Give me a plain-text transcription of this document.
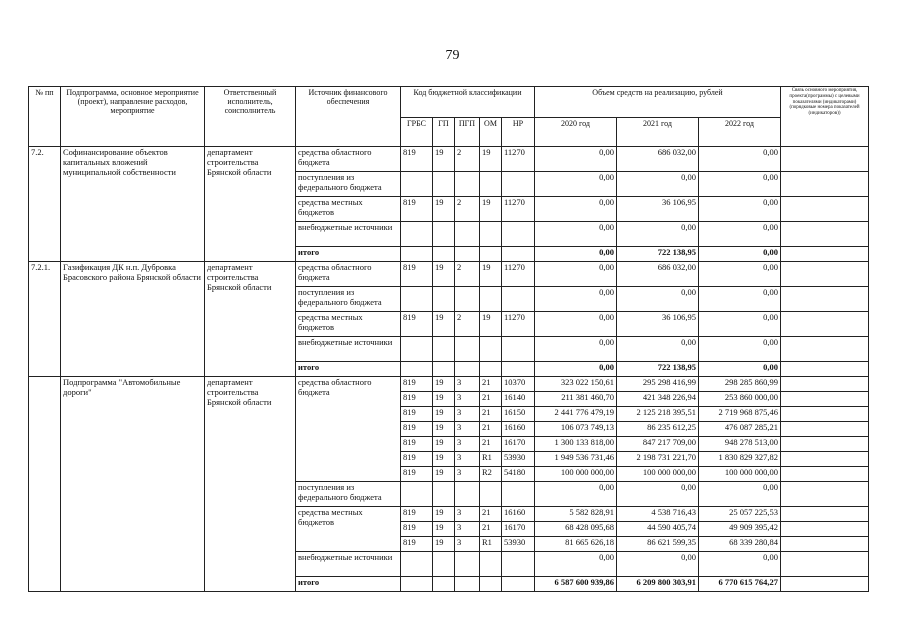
79
№ пп	Подпрограмма, основное мероприятие (проект), направление расходов, мероприятие	Ответственный исполнитель, соисполнитель	Источник финансового обеспечения	Код бюджетной классификации					Объем средств на реализацию, рублей			Связь основного мероприятия, проекта(программы) с целевыми показателями (индикаторами) (порядковые номера показателей (индикаторов))
				ГРБС	ГП	ПГП	ОМ	НР	2020 год	2021 год	2022 год	
7.2.	Софинансирование объектов капитальных вложений муниципальной собственности	департамент строительства Брянской области	средства областного бюджета	819	19	2	19	11270	0,00	686 032,00	0,00	
			поступления из федерального бюджета						0,00	0,00	0,00	
			средства местных бюджетов	819	19	2	19	11270	0,00	36 106,95	0,00	
			внебюджетные источники						0,00	0,00	0,00	
			итого						0,00	722 138,95	0,00	
7.2.1.	Газификация ДК н.п. Дубровка Брасовского района Брянской области	департамент строительства Брянской области	средства областного бюджета	819	19	2	19	11270	0,00	686 032,00	0,00	
			поступления из федерального бюджета						0,00	0,00	0,00	
			средства местных бюджетов	819	19	2	19	11270	0,00	36 106,95	0,00	
			внебюджетные источники						0,00	0,00	0,00	
			итого						0,00	722 138,95	0,00	
	Подпрограмма "Автомобильные дороги"	департамент строительства Брянской области	средства областного бюджета	819	19	3	21	10370	323 022 150,61	295 298 416,99	298 285 860,99	
				819	19	3	21	16140	211 381 460,70	421 348 226,94	253 860 000,00	
				819	19	3	21	16150	2 441 776 479,19	2 125 218 395,51	2 719 968 875,46	
				819	19	3	21	16160	106 073 749,13	86 235 612,25	476 087 285,21	
				819	19	3	21	16170	1 300 133 818,00	847 217 709,00	948 278 513,00	
				819	19	3	R1	53930	1 949 536 731,46	2 198 731 221,70	1 830 829 327,82	
				819	19	3	R2	54180	100 000 000,00	100 000 000,00	100 000 000,00	
			поступления из федерального бюджета						0,00	0,00	0,00	
			средства местных бюджетов	819	19	3	21	16160	5 582 828,91	4 538 716,43	25 057 225,53	
				819	19	3	21	16170	68 428 095,68	44 590 405,74	49 909 395,42	
				819	19	3	R1	53930	81 665 626,18	86 621 599,35	68 339 280,84	
			внебюджетные источники						0,00	0,00	0,00	
			итого						6 587 600 939,86	6 209 800 303,91	6 770 615 764,27	
